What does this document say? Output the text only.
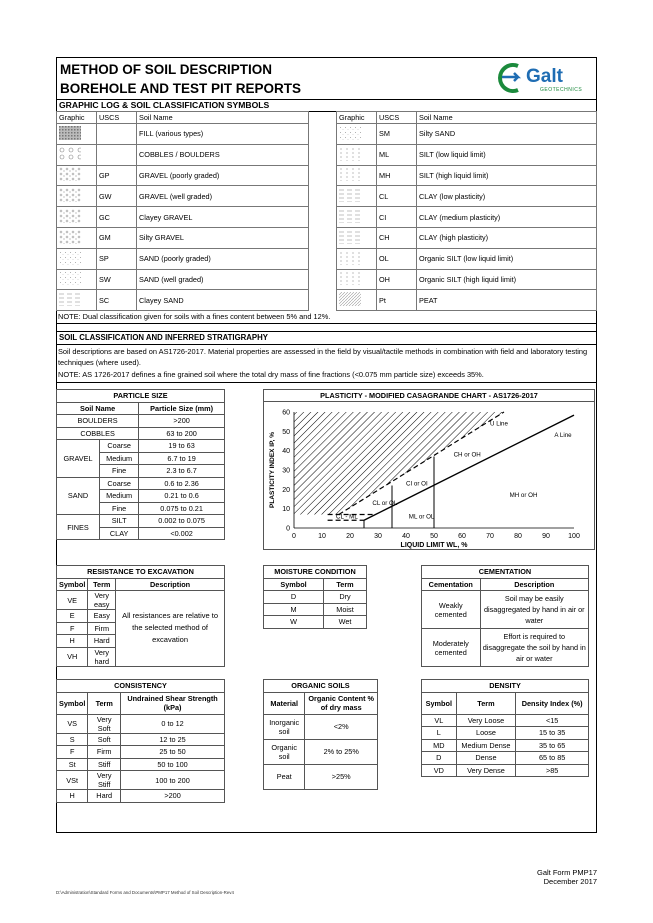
METHOD OF SOIL DESCRIPTION
BOREHOLE AND TEST PIT REPORTS
Galt
GEOTECHNICS
GRAPHIC LOG & SOIL CLASSIFICATION SYMBOLS
Graphic	USCS	Soil Name
		FILL (various types)
		COBBLES / BOULDERS
	GP	GRAVEL (poorly graded)
	GW	GRAVEL (well graded)
	GC	Clayey GRAVEL
	GM	Silty GRAVEL
	SP	SAND (poorly graded)
	SW	SAND (well graded)
	SC	Clayey SAND
Graphic	USCS	Soil Name
	SM	Silty SAND
	ML	SILT (low liquid limit)
	MH	SILT (high liquid limit)
	CL	CLAY (low plasticity)
	CI	CLAY (medium plasticity)
	CH	CLAY (high plasticity)
	OL	Organic SILT (low liquid limit)
	OH	Organic SILT (high liquid limit)
	Pt	PEAT
NOTE: Dual classification given for soils with a fines content between 5% and 12%.
SOIL CLASSIFICATION AND INFERRED STRATIGRAPHY
Soil descriptions are based on AS1726-2017. Material properties are assessed in the field by visual/tactile methods in combination with field and laboratory testing techniques (where used).
NOTE: AS 1726-2017 defines a fine grained soil where the total dry mass of fine fractions (<0.075 mm particle size) exceeds 35%.
PARTICLE SIZE		
Soil Name		Particle Size (mm)
BOULDERS		>200
COBBLES		63 to 200
GRAVEL	Coarse	19 to 63
	Medium	6.7 to 19
	Fine	2.3 to 6.7
SAND	Coarse	0.6 to 2.36
	Medium	0.21 to 0.6
	Fine	0.075 to 0.21
FINES	SILT	0.002 to 0.075
	CLAY	<0.002
PLASTICITY - MODIFIED CASAGRANDE CHART - AS1726-2017
0	10	20	30	40	50	60	70	80	90	100
0
10
20
30
40
50
60
U Line
A Line
CH or OH
CI or OI
CL or OL
MH or OH
ML or OL
CL - ML
LIQUID LIMIT WL, %
PLASTICITY INDEX IP, %
RESISTANCE TO EXCAVATION		
Symbol	Term	Description
VE	Very easy	All resistances are relative to the selected method of excavation
E	Easy	
F	Firm	
H	Hard	
VH	Very hard	
MOISTURE CONDITION	
Symbol	Term
D	Dry
M	Moist
W	Wet
CEMENTATION	
Cementation	Description
Weakly cemented	Soil may be easily disaggregated by hand in air or water
Moderately cemented	Effort is required to disaggregate the soil by hand in air or water
CONSISTENCY		
Symbol	Term	Undrained Shear Strength (kPa)
VS	Very Soft	0 to 12
S	Soft	12 to 25
F	Firm	25 to 50
St	Stiff	50 to 100
VSt	Very Stiff	100 to 200
H	Hard	>200
ORGANIC SOILS	
Material	Organic Content % of dry mass
Inorganic soil	<2%
Organic soil	2% to 25%
Peat	>25%
DENSITY		
Symbol	Term	Density Index (%)
VL	Very Loose	<15
L	Loose	15 to 35
MD	Medium Dense	35 to 65
D	Dense	65 to 85
VD	Very Dense	>85
Galt Form PMP17
December 2017
D:\Administration\Standard Forms and Documents\PMP17 Method of Soil Description-Rev4
